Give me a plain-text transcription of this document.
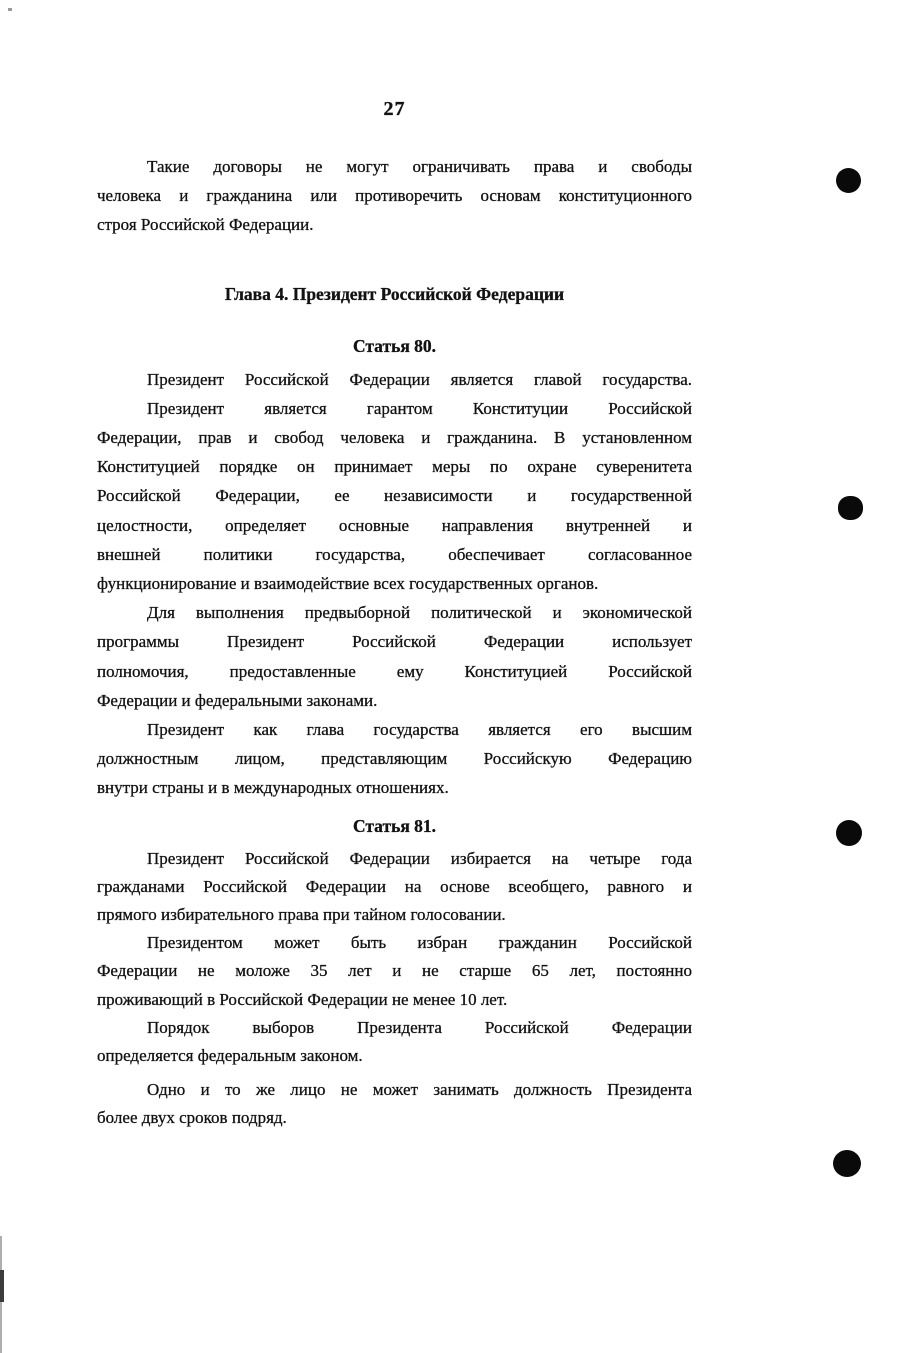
27
Такие договоры не могут ограничивать права и свободы
человека и гражданина или противоречить основам конституционного
строя Российской Федерации.
Глава 4. Президент Российской Федерации
Статья 80.
Президент Российской Федерации является главой государства.
Президент является гарантом Конституции Российской
Федерации, прав и свобод человека и гражданина. В установленном
Конституцией порядке он принимает меры по охране суверенитета
Российской Федерации, ее независимости и государственной
целостности, определяет основные направления внутренней и
внешней политики государства, обеспечивает согласованное
функционирование и взаимодействие всех государственных органов.
Для выполнения предвыборной политической и экономической
программы Президент Российской Федерации использует
полномочия, предоставленные ему Конституцией Российской
Федерации и федеральными законами.
Президент как глава государства является его высшим
должностным лицом, представляющим Российскую Федерацию
внутри страны и в международных отношениях.
Статья 81.
Президент Российской Федерации избирается на четыре года
гражданами Российской Федерации на основе всеобщего, равного и
прямого избирательного права при тайном голосовании.
Президентом может быть избран гражданин Российской
Федерации не моложе 35 лет и не старше 65 лет, постоянно
проживающий в Российской Федерации не менее 10 лет.
Порядок выборов Президента Российской Федерации
определяется федеральным законом.
Одно и то же лицо не может занимать должность Президента
более двух сроков подряд.
